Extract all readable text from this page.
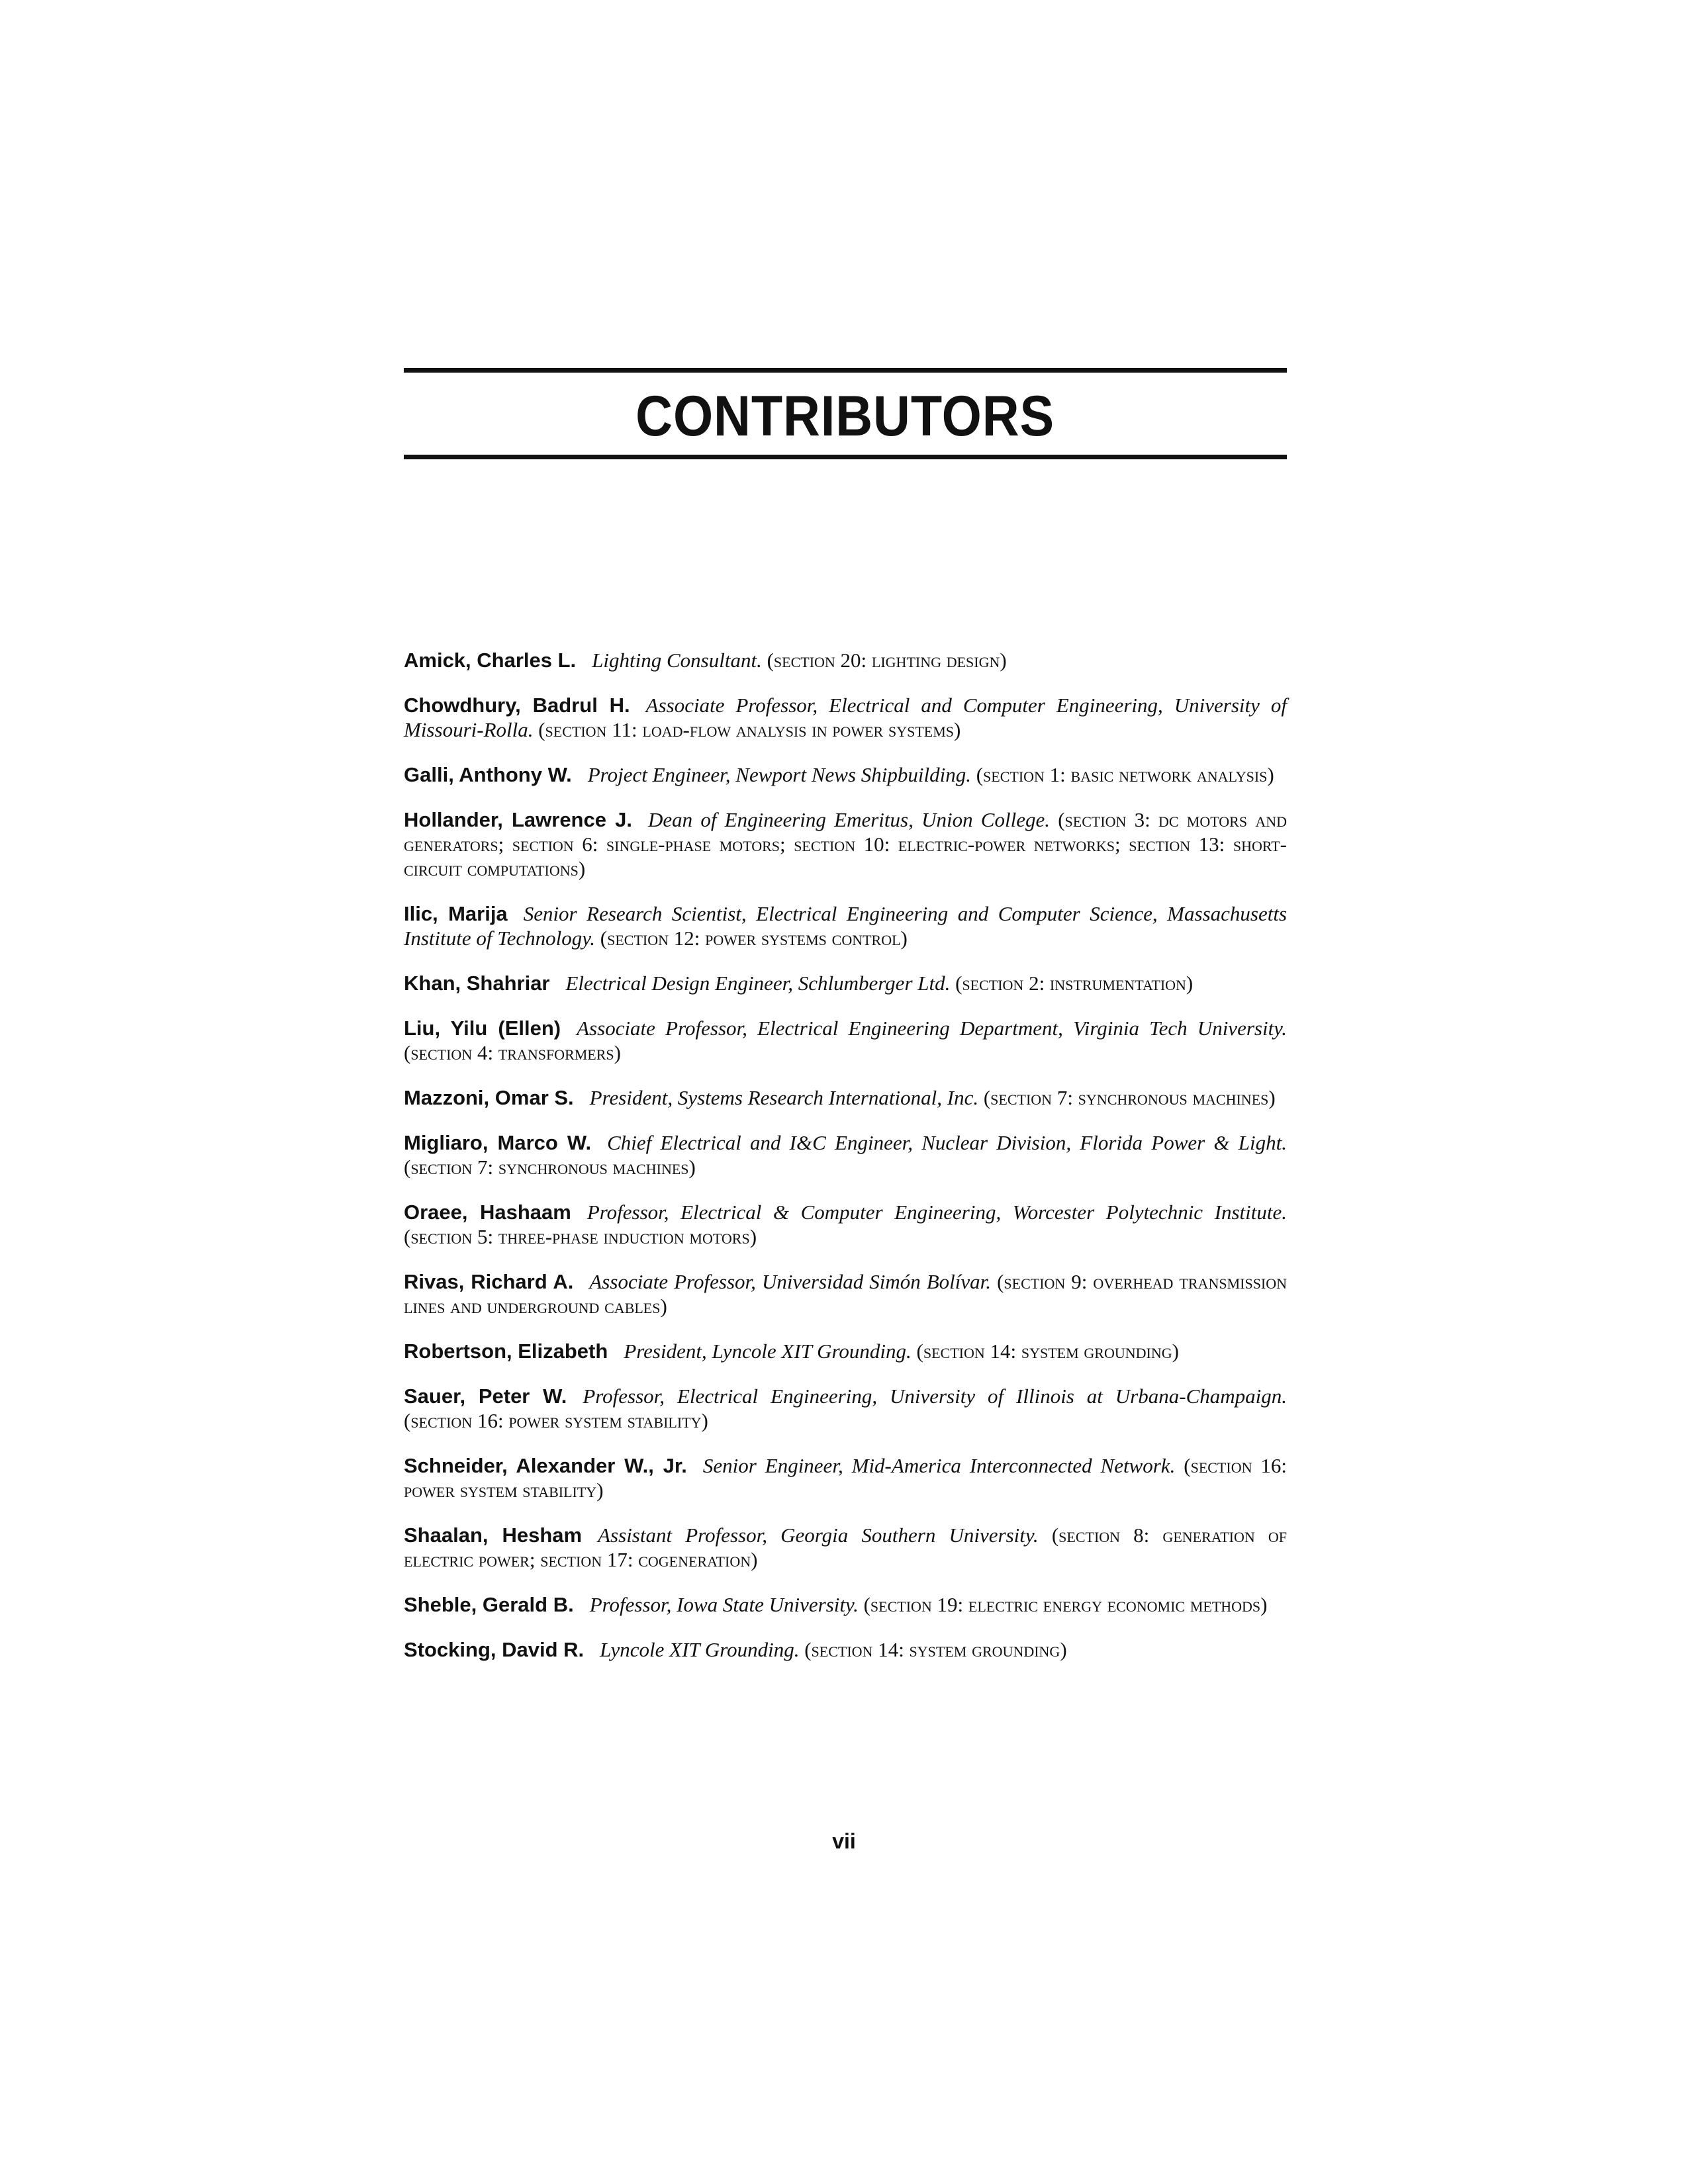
CONTRIBUTORS

Amick, Charles L. Lighting Consultant. (section 20: lighting design)

Chowdhury, Badrul H. Associate Professor, Electrical and Computer Engineering, University of Missouri-Rolla. (section 11: load-flow analysis in power systems)

Galli, Anthony W. Project Engineer, Newport News Shipbuilding. (section 1: basic network analysis)

Hollander, Lawrence J. Dean of Engineering Emeritus, Union College. (section 3: dc motors and generators; section 6: single-phase motors; section 10: electric-power networks; section 13: short-circuit computations)

Ilic, Marija Senior Research Scientist, Electrical Engineering and Computer Science, Massachusetts Institute of Technology. (section 12: power systems control)

Khan, Shahriar Electrical Design Engineer, Schlumberger Ltd. (section 2: instrumentation)

Liu, Yilu (Ellen) Associate Professor, Electrical Engineering Department, Virginia Tech University. (section 4: transformers)

Mazzoni, Omar S. President, Systems Research International, Inc. (section 7: synchronous machines)

Migliaro, Marco W. Chief Electrical and I&C Engineer, Nuclear Division, Florida Power & Light. (section 7: synchronous machines)

Oraee, Hashaam Professor, Electrical & Computer Engineering, Worcester Polytechnic Institute. (section 5: three-phase induction motors)

Rivas, Richard A. Associate Professor, Universidad Simón Bolívar. (section 9: overhead transmission lines and underground cables)

Robertson, Elizabeth President, Lyncole XIT Grounding. (section 14: system grounding)

Sauer, Peter W. Professor, Electrical Engineering, University of Illinois at Urbana-Champaign. (section 16: power system stability)

Schneider, Alexander W., Jr. Senior Engineer, Mid-America Interconnected Network. (section 16: power system stability)

Shaalan, Hesham Assistant Professor, Georgia Southern University. (section 8: generation of electric power; section 17: cogeneration)

Sheble, Gerald B. Professor, Iowa State University. (section 19: electric energy economic methods)

Stocking, David R. Lyncole XIT Grounding. (section 14: system grounding)

vii
